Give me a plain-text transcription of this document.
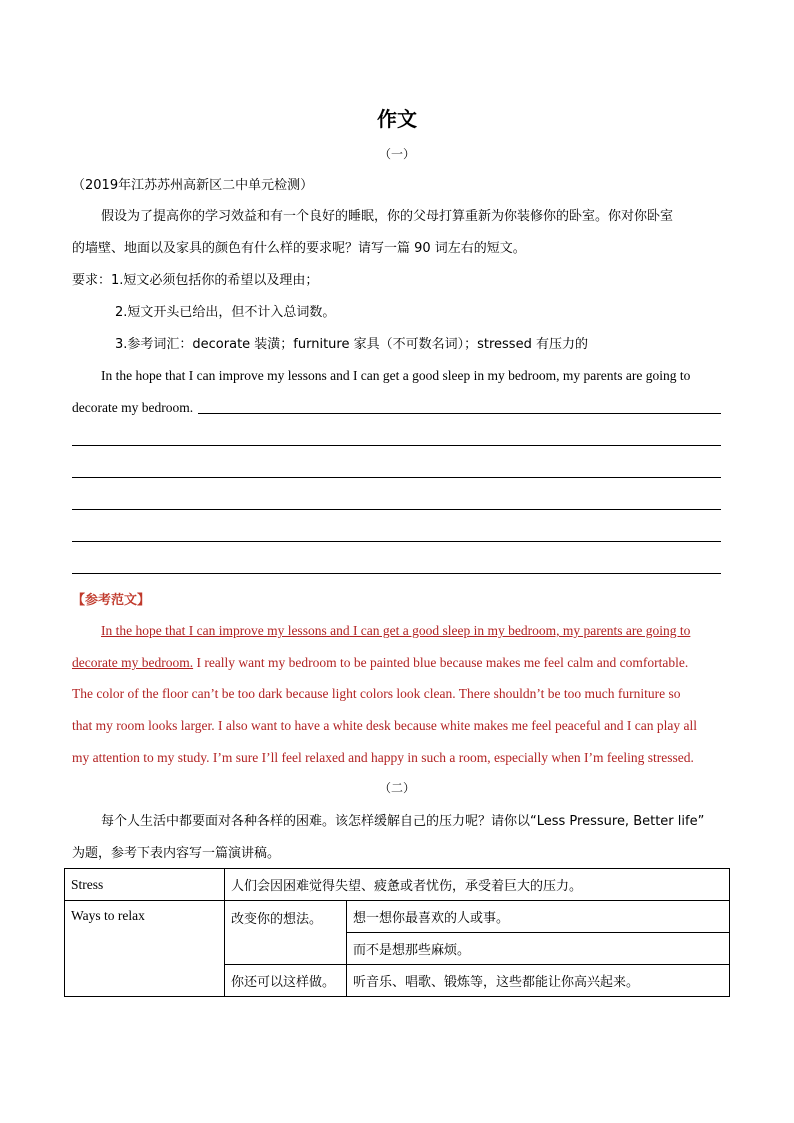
作文
（一）
（2019年江苏苏州高新区二中单元检测）
假设为了提高你的学习效益和有一个良好的睡眠，你的父母打算重新为你装修你的卧室。你对你卧室
的墙壁、地面以及家具的颜色有什么样的要求呢？请写一篇 90 词左右的短文。
要求：1.短文必须包括你的希望以及理由；
2.短文开头已给出，但不计入总词数。
3.参考词汇：decorate 装潢；furniture 家具（不可数名词）；stressed 有压力的
In the hope that I can improve my lessons and I can get a good sleep in my bedroom, my parents are going to
decorate my bedroom.
【参考范文】
In the hope that I can improve my lessons and I can get a good sleep in my bedroom, my parents are going to
decorate my bedroom. I really want my bedroom to be painted blue because makes me feel calm and comfortable.
The color of the floor can’t be too dark because light colors look clean. There shouldn’t be too much furniture so
that my room looks larger. I also want to have a white desk because white makes me feel peaceful and I can play all
my attention to my study. I’m sure I’ll feel relaxed and happy in such a room, especially when I’m feeling stressed.
（二）
每个人生活中都要面对各种各样的困难。该怎样缓解自己的压力呢？请你以“Less Pressure, Better life”
为题，参考下表内容写一篇演讲稿。
Stress	人们会因困难觉得失望、疲惫或者忧伤，承受着巨大的压力。	
Ways to relax	改变你的想法。	想一想你最喜欢的人或事。
		而不是想那些麻烦。
	你还可以这样做。	听音乐、唱歌、锻炼等，这些都能让你高兴起来。
